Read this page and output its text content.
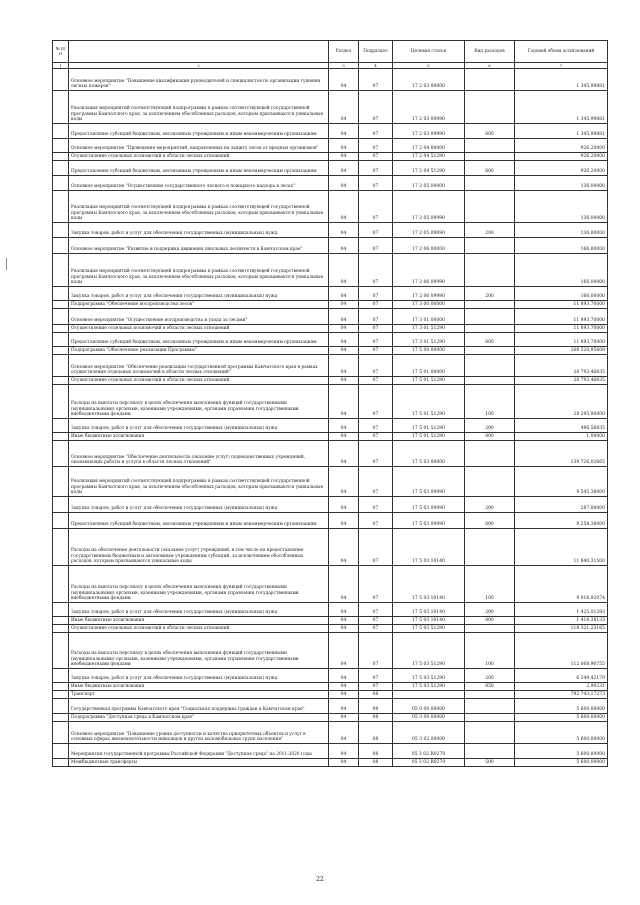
№ п/п		Раздел	Подраздел	Целевая статья	Вид расходов	Годовой объем ассигнований
1	2	3	4	5	6	7
	Основное мероприятие "Повышение квалификации руководителей и специалистов по организации тушения лесных пожаров"	04	07	17 2 03 00000		1 345,99881
	Реализация мероприятий соответствующей подпрограммы в рамках соответствующей государственной программы Камчатского края, за исключением обособленных расходов, которым присваиваются уникальные коды	04	07	17 2 03 09990		1 345,99881
	Предоставление субсидий бюджетным, автономным учреждениям и иным некоммерческим организациям	04	07	17 2 03 09990	600	1 345,99881
	Основное мероприятие "Проведение мероприятий, направленных на защиту лесов от вредных организмов"	04	07	17 2 04 00000		926,20000
	Осуществление отдельных полномочий в области лесных отношений	04	07	17 2 04 51290		926,20000
	Предоставление субсидий бюджетным, автономным учреждениям и иным некоммерческим организациям	04	07	17 2 04 51290	600	926,20000
	Основное мероприятие "Осуществление государственного лесного и пожарного надзора в лесах"	04	07	17 2 05 00000		136,00000
	Реализация мероприятий соответствующей подпрограммы в рамках соответствующей государственной программы Камчатского края, за исключением обособленных расходов, которым присваиваются уникальные коды	04	07	17 2 05 09990		136,00000
	Закупка товаров, работ и услуг для обеспечения государственных (муниципальных) нужд	04	07	17 2 05 09990	200	136,00000
	Основное мероприятие "Развитие и поддержка движения школьных лесничеств в Камчатском крае"	04	07	17 2 06 00000		166,00000
	Реализация мероприятий соответствующей подпрограммы в рамках соответствующей государственной программы Камчатского края, за исключением обособленных расходов, которым присваиваются уникальные коды	04	07	17 2 06 09990		166,00000
	Закупка товаров, работ и услуг для обеспечения государственных (муниципальных) нужд	04	07	17 2 06 09990	200	166,00000
	Подпрограмма "Обеспечение воспроизводства лесов"	04	07	17 3 00 00000		11 893,70000
	Основное мероприятие "Осуществление воспроизводства и ухода за лесами"	04	07	17 3 01 00000		11 893,70000
	Осуществление отдельных полномочий в области лесных отношений	04	07	17 3 01 51290		11 893,70000
	Предоставление субсидий бюджетным, автономным учреждениям и иным некоммерческим организациям	04	07	17 3 01 51290	600	11 893,70000
	Подпрограмма "Обеспечение реализации Программы"	04	07	17 5 00 00000		168 520,95609
	Основное мероприятие "Обеспечение реализации государственной программы Камчатского края в рамках осуществления отдельных полномочий в области лесных отношений"	04	07	17 5 01 00000		28 793,46835
	Осуществление отдельных полномочий в области лесных отношений	04	07	17 5 01 51290		28 793,46835
	Расходы на выплаты персоналу в целях обеспечения выполнения функций государственными (муниципальными) органами, казенными учреждениями, органами управления государственными внебюджетными фондами	04	07	17 5 01 51290	100	28 295,90000
	Закупка товаров, работ и услуг для обеспечения государственных (муниципальных) нужд	04	07	17 5 01 51290	200	496,56835
	Иные бюджетные ассигнования	04	07	17 5 01 51290	800	1,00000
	Основное мероприятие "Обеспечение деятельности (оказание услуг) подведомственных учреждений, оказывающих работы и услуги в области лесных отношений"	04	07	17 5 03 00000		139 726,02665
	Реализация мероприятий соответствующей подпрограммы в рамках соответствующей государственной программы Камчатского края, за исключением обособленных расходов, которым присваиваются уникальные коды	04	07	17 5 03 09990		9 545,38000
	Закупка товаров, работ и услуг для обеспечения государственных (муниципальных) нужд	04	07	17 5 03 09990	200	287,00000
	Предоставление субсидий бюджетным, автономным учреждениям и иным некоммерческим организациям	04	07	17 5 03 09990	600	9 258,38000
	Расходы на обеспечение деятельности (оказание услуг) учреждений, в том числе на предоставление государственным бюджетным и автономным учреждениям субсидий, за исключением обособленных расходов, которым присваиваются уникальные коды	04	07	17 5 03 10140		11 840,31500
	Расходы на выплаты персоналу в целях обеспечения выполнения функций государственными (муниципальными) органами, казенными учреждениями, органами управления государственными внебюджетными фондами	04	07	17 5 03 10140	100	9 016,92074
	Закупка товаров, работ и услуг для обеспечения государственных (муниципальных) нужд	04	07	17 5 03 10140	200	1 425,01293
	Иные бюджетные ассигнования	04	07	17 5 03 10140	800	1 418,38133
	Осуществление отдельных полномочий в области лесных отношений	04	07	17 5 03 51290		118 321,23165
	Расходы на выплаты персоналу в целях обеспечения выполнения функций государственными (муниципальными) органами, казенными учреждениями, органами управления государственными внебюджетными фондами	04	07	17 5 03 51290	100	112 068,90755
	Закупка товаров, работ и услуг для обеспечения государственных (муниципальных) нужд	04	07	17 5 03 51290	200	6 249,42179
	Иные бюджетные ассигнования	04	07	17 5 03 51290	850	2,90231
	Транспорт	04	08			792 743,17273
	Государственная программа Камчатского края "Социальная поддержка граждан в Камчатском крае"	04	08	05 0 00 00000		5 600,00000
	Подпрограмма "Доступная среда в Камчатском крае"	04	08	05 3 00 00000		5 600,00000
	Основное мероприятие "Повышение уровня доступности и качества приоритетных объектов и услуг в основных сферах жизнедеятельности инвалидов и других маломобильных групп населения"	04	08	05 3 02 00000		5 600,00000
	Мероприятия государственной программы Российской Федерации "Доступная среда" на 2011-2020 годы	04	08	05 3 02 R0270		5 600,00000
	Межбюджетные трансферты	04	08	05 3 02 R0270	500	5 600,00000
22
